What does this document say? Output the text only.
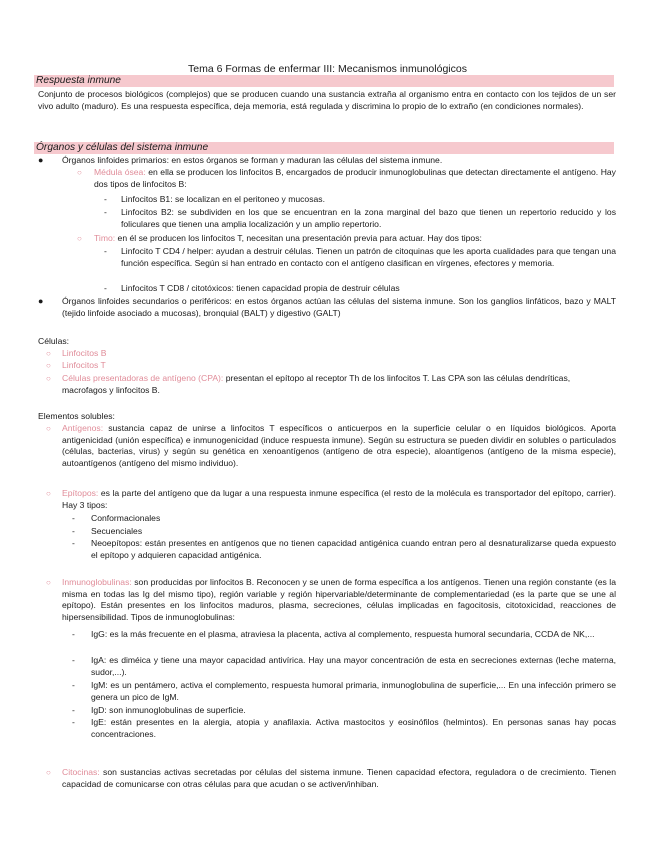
Tema 6 Formas de enfermar III: Mecanismos inmunológicos
Respuesta inmune
Conjunto de procesos biológicos (complejos) que se producen cuando una sustancia extraña al organismo entra en contacto con los tejidos de un ser vivo adulto (maduro). Es una respuesta específica, deja memoria, está regulada y discrimina lo propio de lo extraño (en condiciones normales).
Órganos y células del sistema inmune
● Órganos linfoides primarios: en estos órganos se forman y maduran las células del sistema inmune.
○ Médula ósea: en ella se producen los linfocitos B, encargados de producir inmunoglobulinas que detectan directamente el antígeno. Hay dos tipos de linfocitos B:
- Linfocitos B1: se localizan en el peritoneo y mucosas.
- Linfocitos B2: se subdividen en los que se encuentran en la zona marginal del bazo que tienen un repertorio reducido y los foliculares que tienen una amplia localización y un amplio repertorio.
○ Timo: en él se producen los linfocitos T, necesitan una presentación previa para actuar. Hay dos tipos:
- Linfocito T CD4 / helper: ayudan a destruir células. Tienen un patrón de citoquinas que les aporta cualidades para que tengan una función específica. Según si han entrado en contacto con el antígeno clasifican en vírgenes, efectores y memoria.
- Linfocitos T CD8 / citotóxicos: tienen capacidad propia de destruir células
● Órganos linfoides secundarios o periféricos: en estos órganos actúan las células del sistema inmune. Son los ganglios linfáticos, bazo y MALT (tejido linfoide asociado a mucosas), bronquial (BALT) y digestivo (GALT)
Células:
○ Linfocitos B
○ Linfocitos T
○ Células presentadoras de antígeno (CPA): presentan el epítopo al receptor Th de los linfocitos T. Las CPA son las células dendríticas, macrofagos y linfocitos B.
Elementos solubles:
○ Antígenos: sustancia capaz de unirse a linfocitos T específicos o anticuerpos en la superficie celular o en líquidos biológicos. Aporta antigenicidad (unión específica) e inmunogenicidad (induce respuesta inmune). Según su estructura se pueden dividir en solubles o particulados (células, bacterias, virus) y según su genética en xenoantígenos (antígeno de otra especie), aloantígenos (antígeno de la misma especie), autoantígenos (antígeno del mismo individuo).
○ Epítopos: es la parte del antígeno que da lugar a una respuesta inmune específica (el resto de la molécula es transportador del epítopo, carrier). Hay 3 tipos:
- Conformacionales
- Secuenciales
- Neoepítopos: están presentes en antígenos que no tienen capacidad antigénica cuando entran pero al desnaturalizarse queda expuesto el epítopo y adquieren capacidad antigénica.
○ Inmunoglobulinas: son producidas por linfocitos B. Reconocen y se unen de forma específica a los antígenos. Tienen una región constante (es la misma en todas las Ig del mismo tipo), región variable y región hipervariable/determinante de complementariedad (es la parte que se une al epítopo). Están presentes en los linfocitos maduros, plasma, secreciones, células implicadas en fagocitosis, citotoxicidad, reacciones de hipersensibilidad. Tipos de inmunoglobulinas:
- IgG: es la más frecuente en el plasma, atraviesa la placenta, activa al complemento, respuesta humoral secundaria, CCDA de NK,...
- IgA: es diméica y tiene una mayor capacidad antivírica. Hay una mayor concentración de esta en secreciones externas (leche materna, sudor,...).
- IgM: es un pentámero, activa el complemento, respuesta humoral primaria, inmunoglobulina de superficie,... En una infección primero se genera un pico de IgM.
- IgD: son inmunoglobulinas de superficie.
- IgE: están presentes en la alergia, atopia y anafilaxia. Activa mastocitos y eosinófilos (helmintos). En personas sanas hay pocas concentraciones.
○ Citocinas: son sustancias activas secretadas por células del sistema inmune. Tienen capacidad efectora, reguladora o de crecimiento. Tienen capacidad de comunicarse con otras células para que acudan o se activen/inhiban.
